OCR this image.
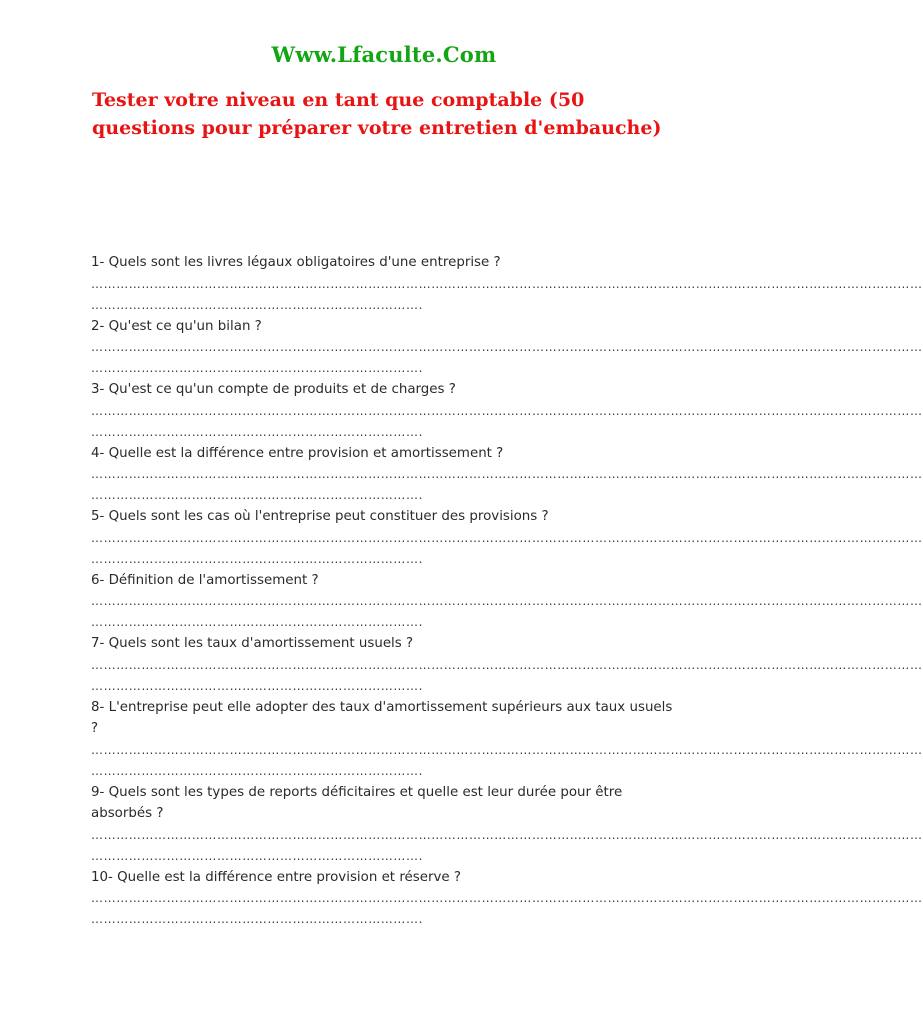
Www.Lfaculte.Com
Tester votre niveau en tant que comptable (50 questions pour préparer votre entretien d'embauche)
1- Quels sont les livres légaux obligatoires d'une entreprise ?
………………………………………………………………………………………………………………………………………………………………………………
…………………………………………………………………….
2- Qu'est ce qu'un bilan ?
………………………………………………………………………………………………………………………………………………………………………………
…………………………………………………………………….
3- Qu'est ce qu'un compte de produits et de charges ?
………………………………………………………………………………………………………………………………………………………………………………
…………………………………………………………………….
4- Quelle est la différence entre provision et amortissement ?
………………………………………………………………………………………………………………………………………………………………………………
…………………………………………………………………….
5- Quels sont les cas où l'entreprise peut constituer des provisions ?
………………………………………………………………………………………………………………………………………………………………………………
…………………………………………………………………….
6- Définition de l'amortissement ?
………………………………………………………………………………………………………………………………………………………………………………
…………………………………………………………………….
7- Quels sont les taux d'amortissement usuels ?
………………………………………………………………………………………………………………………………………………………………………………
…………………………………………………………………….
8- L'entreprise peut elle adopter des taux d'amortissement supérieurs aux taux usuels ?
………………………………………………………………………………………………………………………………………………………………………………
…………………………………………………………………….
9- Quels sont les types de reports déficitaires et quelle est leur durée pour être absorbés ?
………………………………………………………………………………………………………………………………………………………………………………
…………………………………………………………………….
10- Quelle est la différence entre provision et réserve ?
………………………………………………………………………………………………………………………………………………………………………………
…………………………………………………………………….
